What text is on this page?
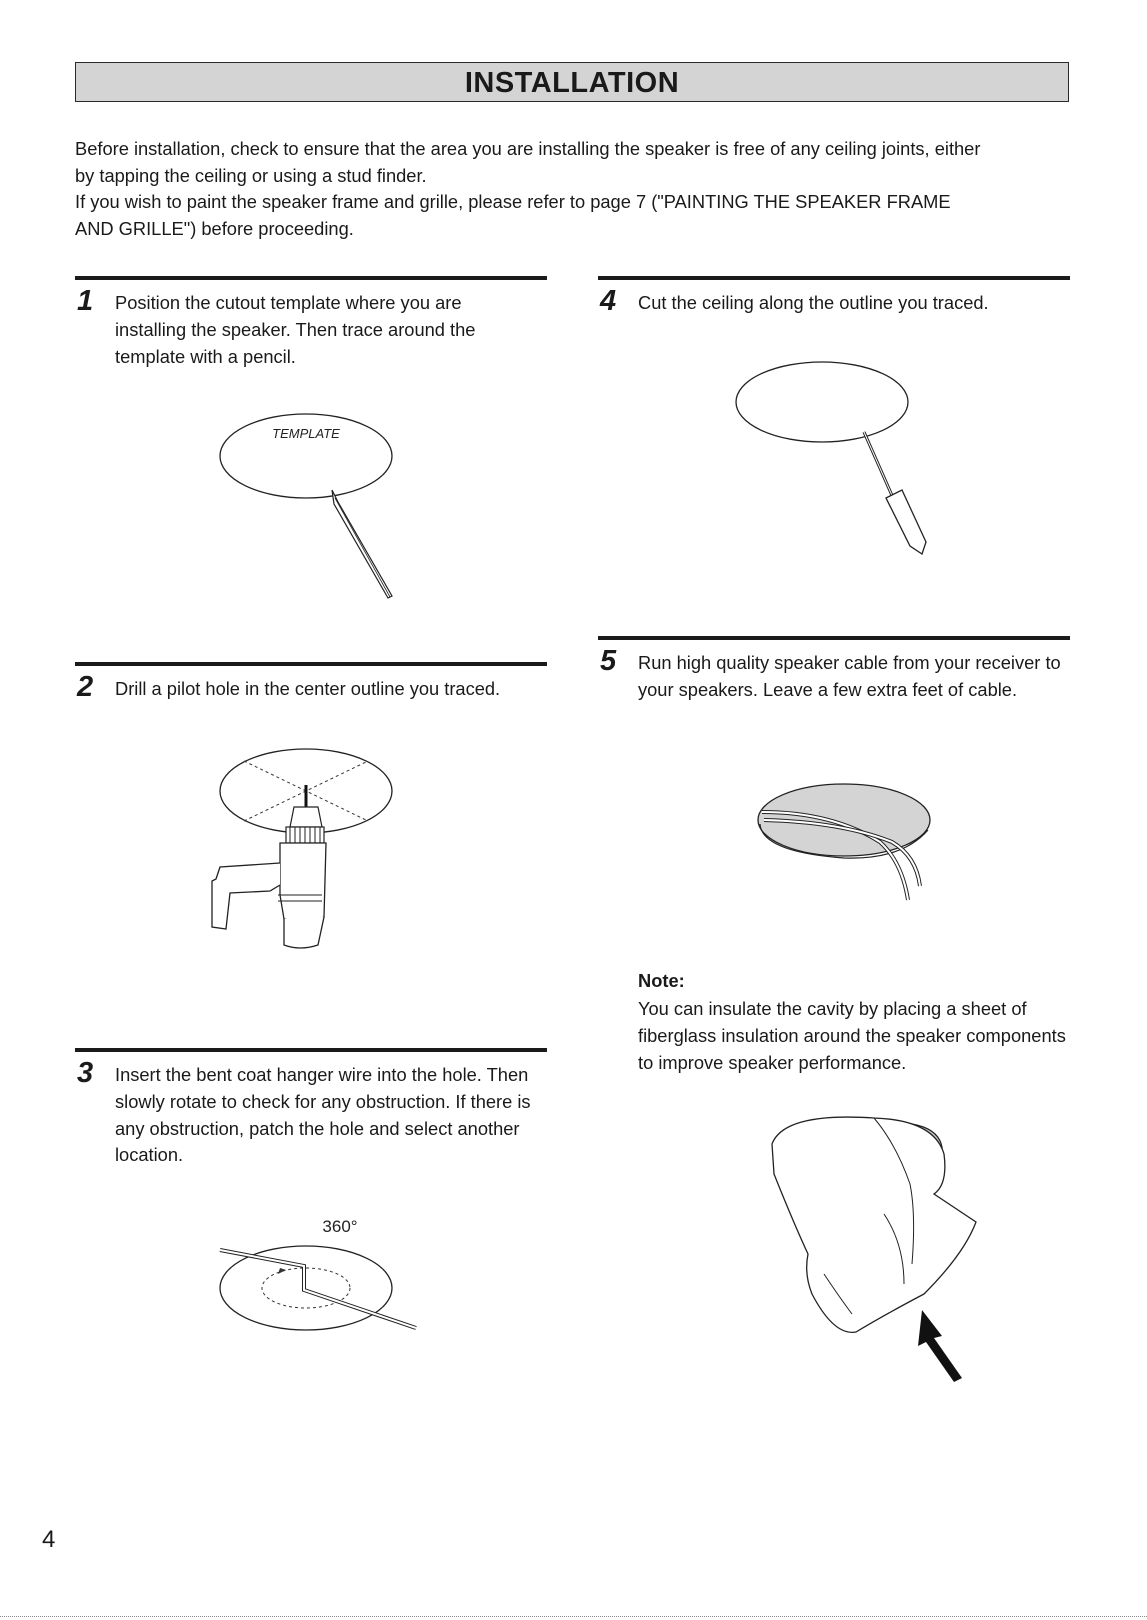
INSTALLATION

Before installation, check to ensure that the area you are installing the speaker is free of any ceiling joints, either

by tapping the ceiling or using a stud finder.

If you wish to paint the speaker frame and grille, please refer to page 7 ("PAINTING THE SPEAKER FRAME

AND GRILLE") before proceeding.

1 Position the cutout template where you are installing the speaker. Then trace around the template with a pencil.
TEMPLATE
2 Drill a pilot hole in the center outline you traced.
3 Insert the bent coat hanger wire into the hole. Then slowly rotate to check for any obstruction. If there is any obstruction, patch the hole and select another location.
360°
4 Cut the ceiling along the outline you traced.
5 Run high quality speaker cable from your receiver to your speakers. Leave a few extra feet of cable.
Note:
You can insulate the cavity by placing a sheet of fiberglass insulation around the speaker components to improve speaker performance.
4
